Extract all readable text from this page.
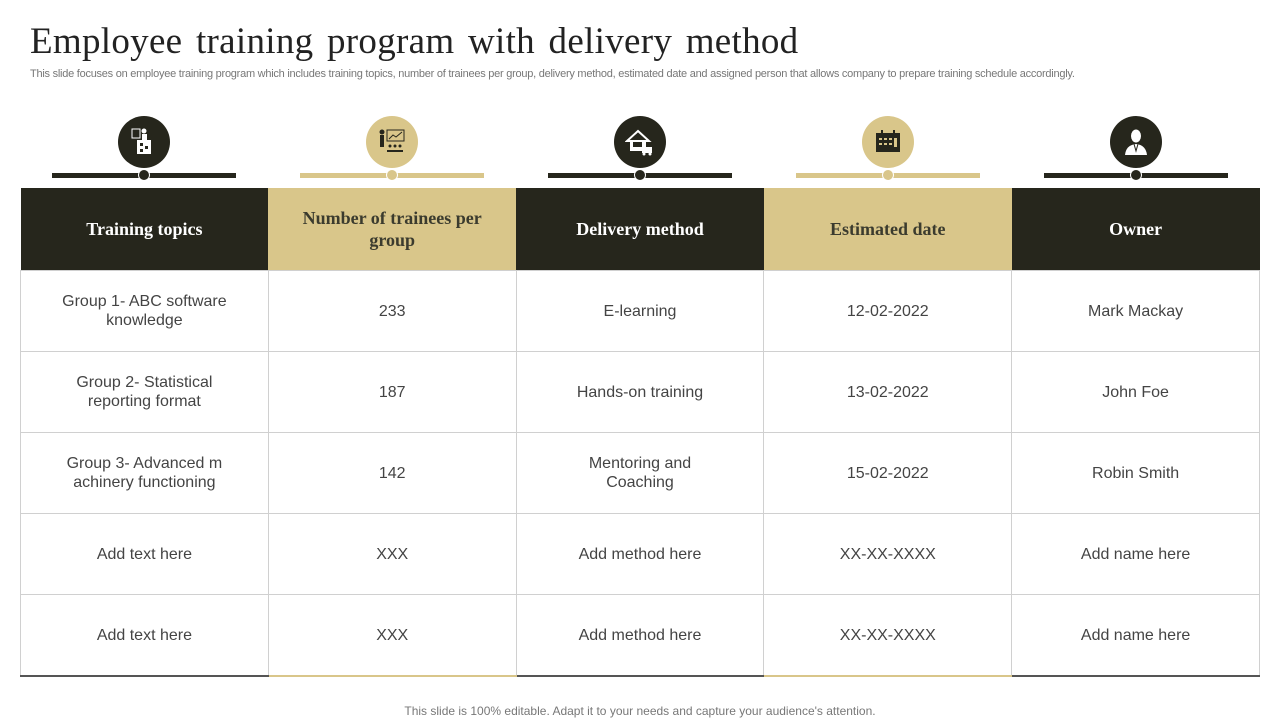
Employee training program with delivery method
This slide focuses on employee training program which includes training topics, number of trainees per group, delivery method, estimated date and assigned person that allows company to prepare training schedule accordingly.
Training topics	Number of trainees per group	Delivery method	Estimated date	Owner
Group 1- ABC software knowledge	233	E-learning	12-02-2022	Mark Mackay
Group 2- Statistical reporting format	187	Hands-on training	13-02-2022	John Foe
Group 3- Advanced m achinery functioning	142	Mentoring and Coaching	15-02-2022	Robin Smith
Add text here	XXX	Add method here	XX-XX-XXXX	Add name here
Add text here	XXX	Add method here	XX-XX-XXXX	Add name here
This slide is 100% editable. Adapt it to your needs and capture your audience's attention.
